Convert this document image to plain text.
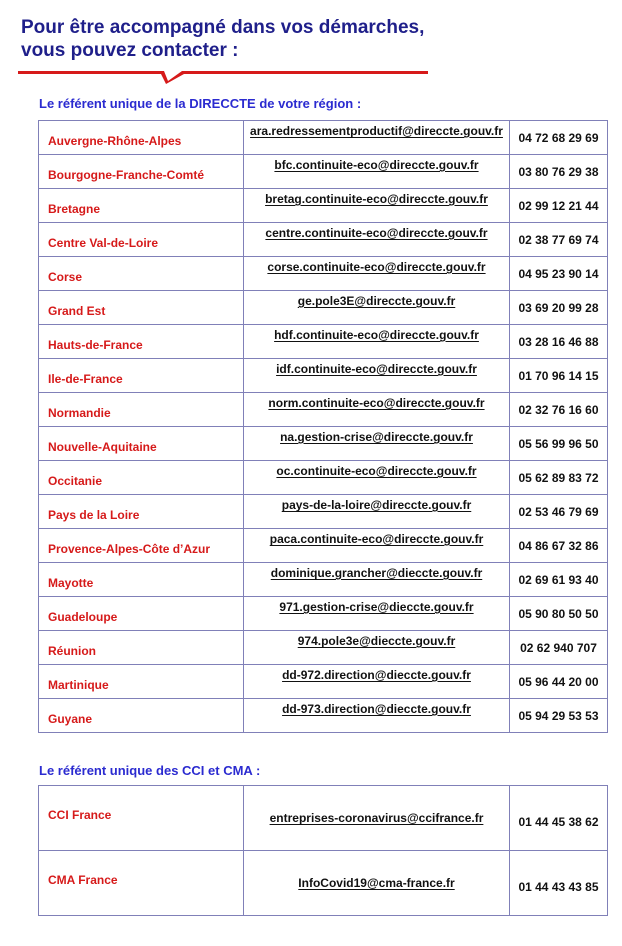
Pour être accompagné dans vos démarches,
vous pouvez contacter :

Le référent unique de la DIRECCTE de votre région :

Auvergne-Rhône-Alpes	ara.redressementproductif@direccte.gouv.fr	04 72 68 29 69
Bourgogne-Franche-Comté	bfc.continuite-eco@direccte.gouv.fr	03 80 76 29 38
Bretagne	bretag.continuite-eco@direccte.gouv.fr	02 99 12 21 44
Centre Val-de-Loire	centre.continuite-eco@direccte.gouv.fr	02 38 77 69 74
Corse	corse.continuite-eco@direccte.gouv.fr	04 95 23 90 14
Grand Est	ge.pole3E@direccte.gouv.fr	03 69 20 99 28
Hauts-de-France	hdf.continuite-eco@direccte.gouv.fr	03 28 16 46 88
Ile-de-France	idf.continuite-eco@direccte.gouv.fr	01 70 96 14 15
Normandie	norm.continuite-eco@direccte.gouv.fr	02 32 76 16 60
Nouvelle-Aquitaine	na.gestion-crise@direccte.gouv.fr	05 56 99 96 50
Occitanie	oc.continuite-eco@direccte.gouv.fr	05 62 89 83 72
Pays de la Loire	pays-de-la-loire@direccte.gouv.fr	02 53 46 79 69
Provence-Alpes-Côte d’Azur	paca.continuite-eco@direccte.gouv.fr	04 86 67 32 86
Mayotte	dominique.grancher@dieccte.gouv.fr	02 69 61 93 40
Guadeloupe	971.gestion-crise@dieccte.gouv.fr	05 90 80 50 50
Réunion	974.pole3e@dieccte.gouv.fr	02 62 940 707
Martinique	dd-972.direction@dieccte.gouv.fr	05 96 44 20 00
Guyane	dd-973.direction@dieccte.gouv.fr	05 94 29 53 53

Le référent unique des CCI et CMA :

CCI France	entreprises-coronavirus@ccifrance.fr	01 44 45 38 62
CMA France	InfoCovid19@cma-france.fr	01 44 43 43 85
